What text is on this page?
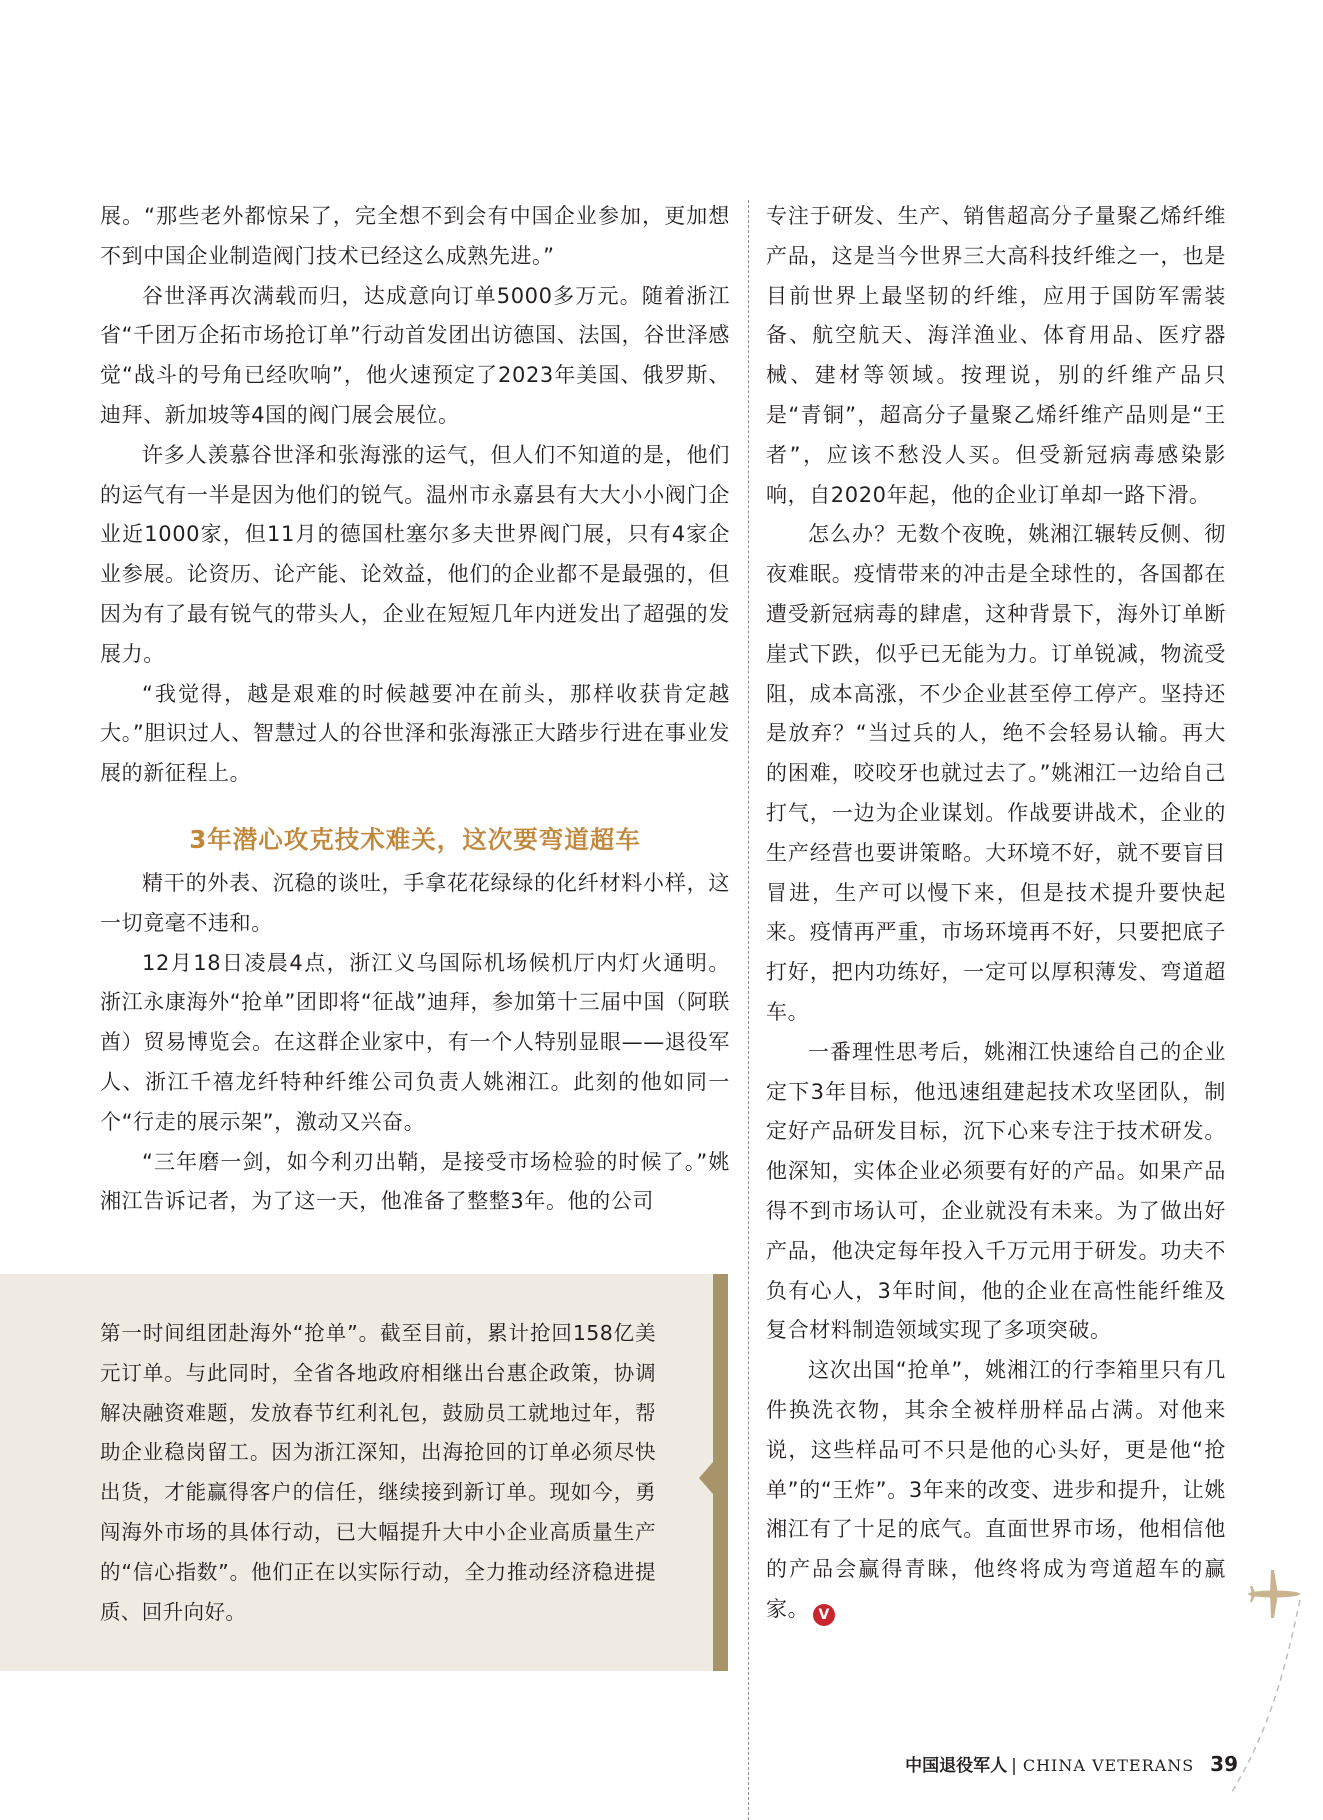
展。“那些老外都惊呆了，完全想不到会有中国企业参加，更加想不到中国企业制造阀门技术已经这么成熟先进。”

谷世泽再次满载而归，达成意向订单5000多万元。随着浙江省“千团万企拓市场抢订单”行动首发团出访德国、法国，谷世泽感觉“战斗的号角已经吹响”，他火速预定了2023年美国、俄罗斯、迪拜、新加坡等4国的阀门展会展位。

许多人羡慕谷世泽和张海涨的运气，但人们不知道的是，他们的运气有一半是因为他们的锐气。温州市永嘉县有大大小小阀门企业近1000家，但11月的德国杜塞尔多夫世界阀门展，只有4家企业参展。论资历、论产能、论效益，他们的企业都不是最强的，但因为有了最有锐气的带头人，企业在短短几年内迸发出了超强的发展力。

“我觉得，越是艰难的时候越要冲在前头，那样收获肯定越大。”胆识过人、智慧过人的谷世泽和张海涨正大踏步行进在事业发展的新征程上。

3年潜心攻克技术难关，这次要弯道超车

精干的外表、沉稳的谈吐，手拿花花绿绿的化纤材料小样，这一切竟毫不违和。

12月18日凌晨4点，浙江义乌国际机场候机厅内灯火通明。浙江永康海外“抢单”团即将“征战”迪拜，参加第十三届中国（阿联酋）贸易博览会。在这群企业家中，有一个人特别显眼——退役军人、浙江千禧龙纤特种纤维公司负责人姚湘江。此刻的他如同一个“行走的展示架”，激动又兴奋。

“三年磨一剑，如今利刃出鞘，是接受市场检验的时候了。”姚湘江告诉记者，为了这一天，他准备了整整3年。他的公司

专注于研发、生产、销售超高分子量聚乙烯纤维产品，这是当今世界三大高科技纤维之一，也是目前世界上最坚韧的纤维，应用于国防军需装备、航空航天、海洋渔业、体育用品、医疗器械、建材等领域。按理说，别的纤维产品只是“青铜”，超高分子量聚乙烯纤维产品则是“王者”，应该不愁没人买。但受新冠病毒感染影响，自2020年起，他的企业订单却一路下滑。

怎么办？无数个夜晚，姚湘江辗转反侧、彻夜难眠。疫情带来的冲击是全球性的，各国都在遭受新冠病毒的肆虐，这种背景下，海外订单断崖式下跌，似乎已无能为力。订单锐减，物流受阻，成本高涨，不少企业甚至停工停产。坚持还是放弃？“当过兵的人，绝不会轻易认输。再大的困难，咬咬牙也就过去了。”姚湘江一边给自己打气，一边为企业谋划。作战要讲战术，企业的生产经营也要讲策略。大环境不好，就不要盲目冒进，生产可以慢下来，但是技术提升要快起来。疫情再严重，市场环境再不好，只要把底子打好，把内功练好，一定可以厚积薄发、弯道超车。

一番理性思考后，姚湘江快速给自己的企业定下3年目标，他迅速组建起技术攻坚团队，制定好产品研发目标，沉下心来专注于技术研发。他深知，实体企业必须要有好的产品。如果产品得不到市场认可，企业就没有未来。为了做出好产品，他决定每年投入千万元用于研发。功夫不负有心人，3年时间，他的企业在高性能纤维及复合材料制造领域实现了多项突破。

这次出国“抢单”，姚湘江的行李箱里只有几件换洗衣物，其余全被样册样品占满。对他来说，这些样品可不只是他的心头好，更是他“抢单”的“王炸”。3年来的改变、进步和提升，让姚湘江有了十足的底气。直面世界市场，他相信他的产品会赢得青睐，他终将成为弯道超车的赢家。 V

第一时间组团赴海外“抢单”。截至目前，累计抢回158亿美元订单。与此同时，全省各地政府相继出台惠企政策，协调解决融资难题，发放春节红利礼包，鼓励员工就地过年，帮助企业稳岗留工。因为浙江深知，出海抢回的订单必须尽快出货，才能赢得客户的信任，继续接到新订单。现如今，勇闯海外市场的具体行动，已大幅提升大中小企业高质量生产的“信心指数”。他们正在以实际行动，全力推动经济稳进提质、回升向好。

中国退役军人 | CHINA VETERANS 39
